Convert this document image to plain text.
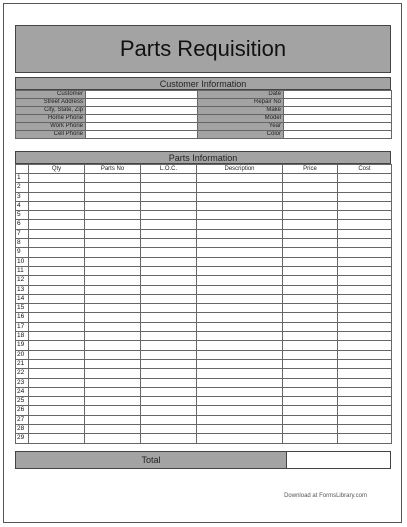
Parts Requisition
Customer Information
Customer		Date	
Street Address		Repair No	
City, State, Zip		Make	
Home Phone		Model	
Work Phone		Year	
Cell Phone		Color	
Parts Information
	Qty	Parts No	L.O.C.	Description	Price	Cost
1						
2						
3						
4						
5						
6						
7						
8						
9						
10						
11						
12						
13						
14						
15						
16						
17						
18						
19						
20						
21						
22						
23						
24						
25						
26						
27						
28						
29						
Total
Download at FormsLibrary.com
